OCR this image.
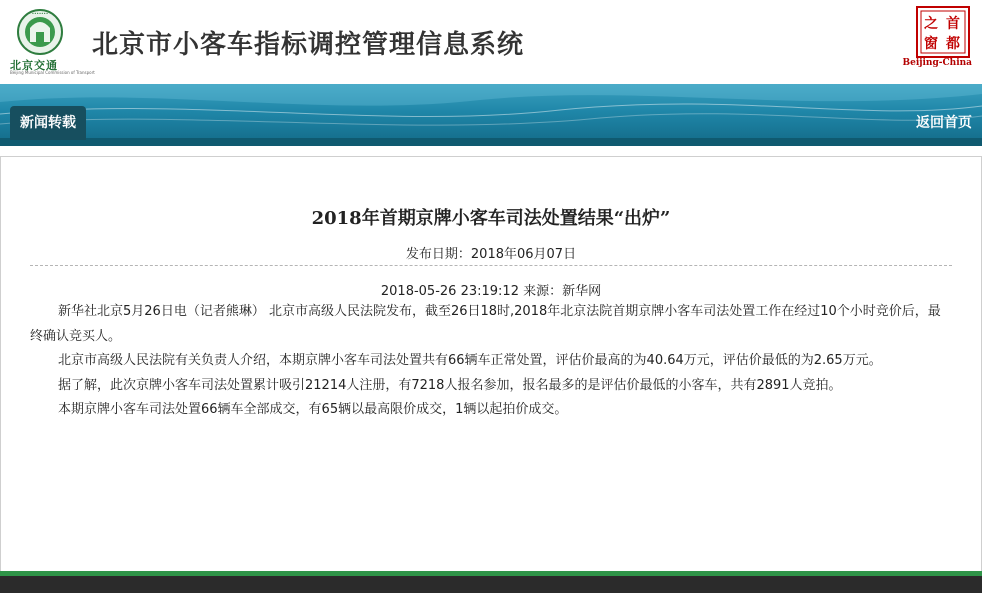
•••••••
北京交通
Beijing Municipal Commission of Transport
北京市小客车指标调控管理信息系统
之 首
窗 都
Beijing-China
新闻转载	返回首页
2018年首期京牌小客车司法处置结果“出炉”
发布日期：2018年06月07日
2018-05-26 23:19:12 来源：新华网

新华社北京5月26日电（记者熊琳） 北京市高级人民法院发布，截至26日18时,2018年北京法院首期京牌小客车司法处置工作在经过10个小时竞价后，最终确认竞买人。

北京市高级人民法院有关负责人介绍，本期京牌小客车司法处置共有66辆车正常处置，评估价最高的为40.64万元，评估价最低的为2.65万元。

据了解，此次京牌小客车司法处置累计吸引21214人注册，有7218人报名参加，报名最多的是评估价最低的小客车，共有2891人竞拍。

本期京牌小客车司法处置66辆车全部成交，有65辆以最高限价成交，1辆以起拍价成交。
